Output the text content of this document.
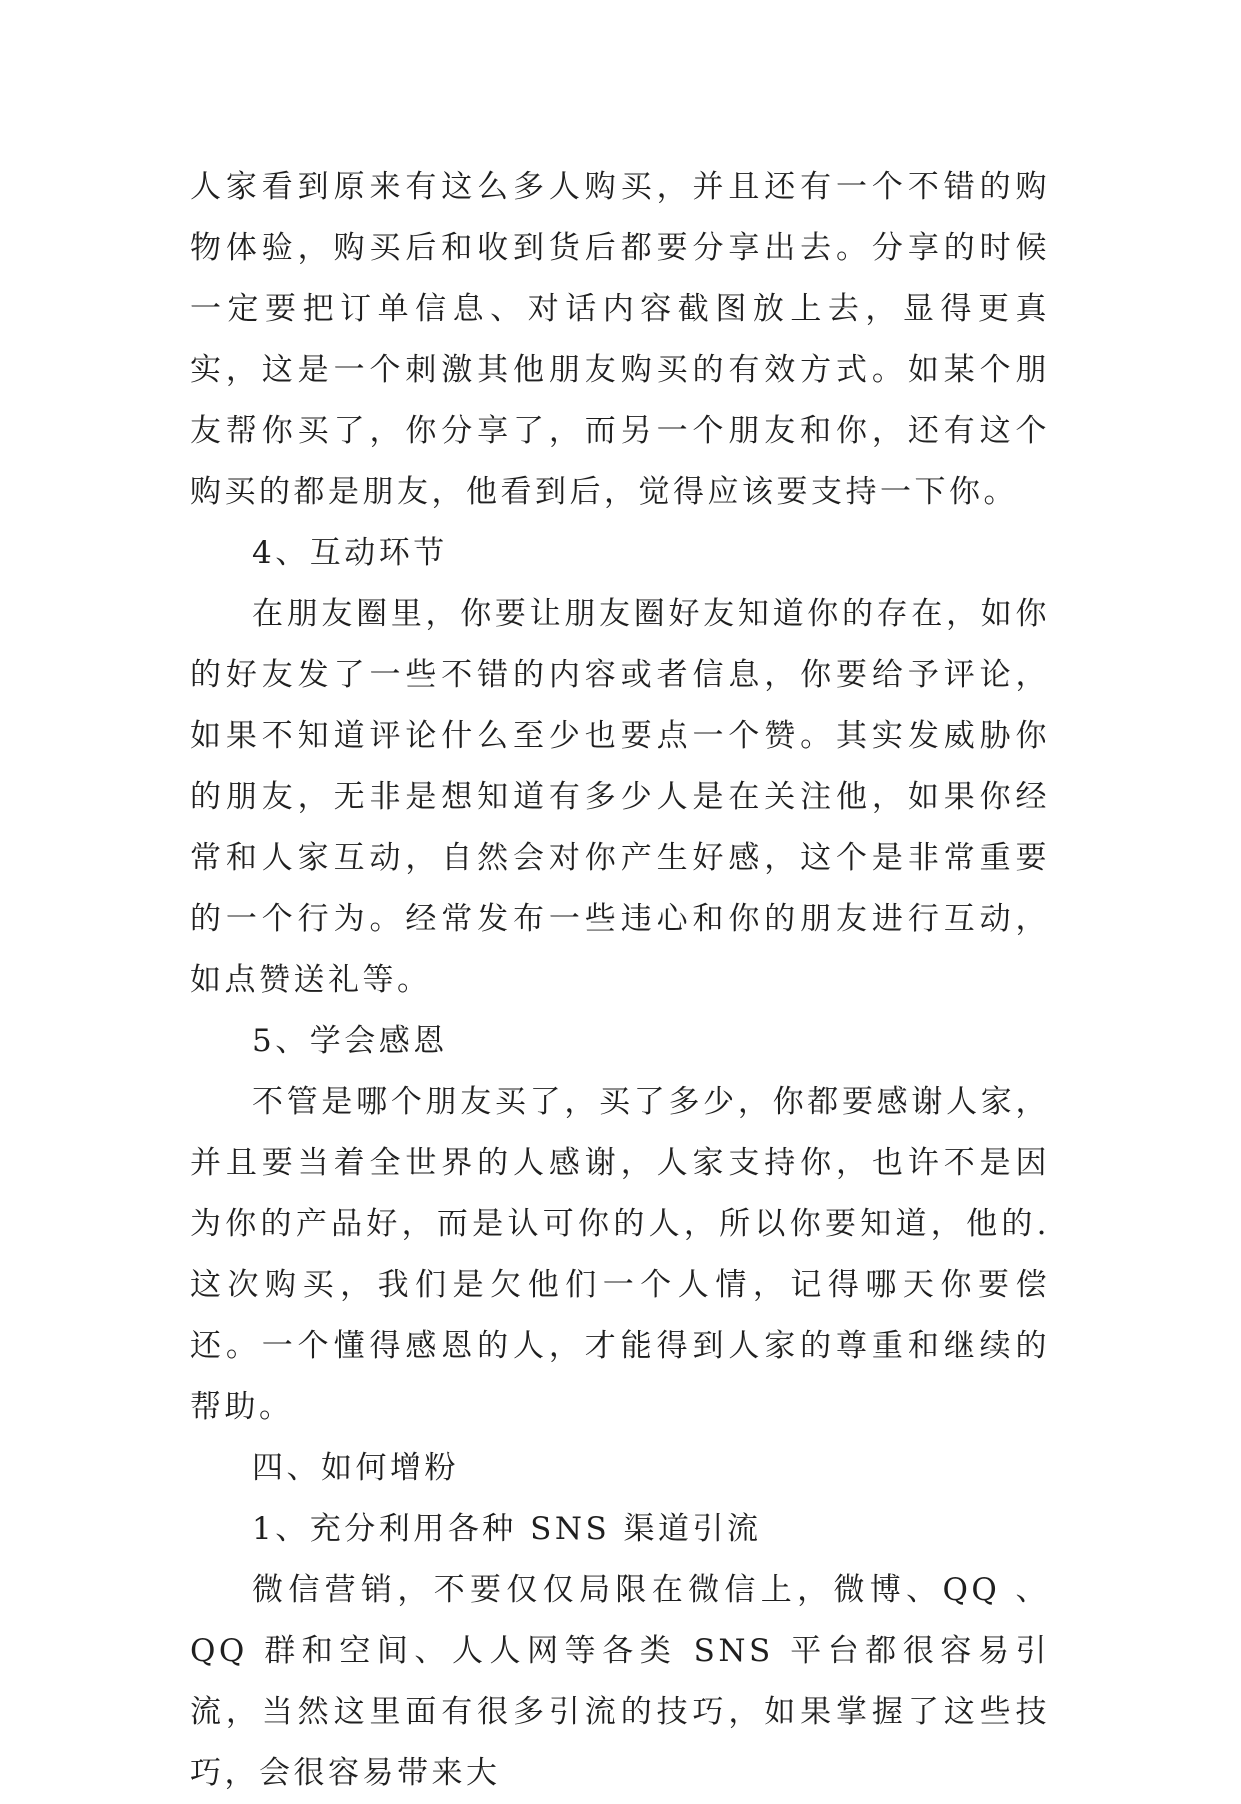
人家看到原来有这么多人购买，并且还有一个不错的购物体验，购买后和收到货后都要分享出去。分享的时候一定要把订单信息、对话内容截图放上去，显得更真实，这是一个刺激其他朋友购买的有效方式。如某个朋友帮你买了，你分享了，而另一个朋友和你，还有这个购买的都是朋友，他看到后，觉得应该要支持一下你。

4、互动环节

在朋友圈里，你要让朋友圈好友知道你的存在，如你的好友发了一些不错的内容或者信息，你要给予评论，如果不知道评论什么至少也要点一个赞。其实发威胁你的朋友，无非是想知道有多少人是在关注他，如果你经常和人家互动，自然会对你产生好感，这个是非常重要的一个行为。经常发布一些违心和你的朋友进行互动，如点赞送礼等。

5、学会感恩

不管是哪个朋友买了，买了多少，你都要感谢人家，并且要当着全世界的人感谢，人家支持你，也许不是因为你的产品好，而是认可你的人，所以你要知道，他的.这次购买，我们是欠他们一个人情，记得哪天你要偿还。一个懂得感恩的人，才能得到人家的尊重和继续的帮助。

四、如何增粉

1、充分利用各种 SNS 渠道引流

微信营销，不要仅仅局限在微信上，微博、QQ 、QQ 群和空间、人人网等各类 SNS 平台都很容易引流，当然这里面有很多引流的技巧，如果掌握了这些技巧，会很容易带来大
